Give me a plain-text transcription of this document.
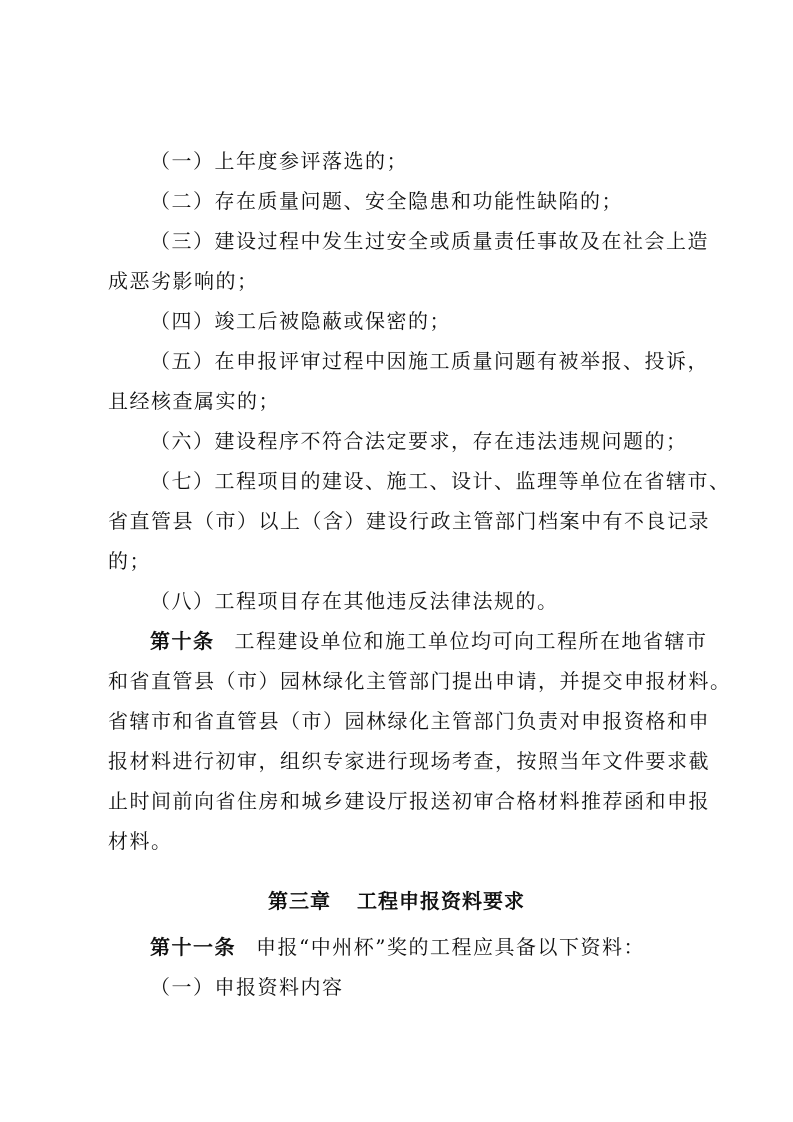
（一）上年度参评落选的；
（二）存在质量问题、安全隐患和功能性缺陷的；
（三）建设过程中发生过安全或质量责任事故及在社会上造
成恶劣影响的；
（四）竣工后被隐蔽或保密的；
（五）在申报评审过程中因施工质量问题有被举报、投诉，
且经核查属实的；
（六）建设程序不符合法定要求，存在违法违规问题的；
（七）工程项目的建设、施工、设计、监理等单位在省辖市、
省直管县（市）以上（含）建设行政主管部门档案中有不良记录
的；
（八）工程项目存在其他违反法律法规的。
第十条 工程建设单位和施工单位均可向工程所在地省辖市
和省直管县（市）园林绿化主管部门提出申请，并提交申报材料。
省辖市和省直管县（市）园林绿化主管部门负责对申报资格和申
报材料进行初审，组织专家进行现场考查，按照当年文件要求截
止时间前向省住房和城乡建设厅报送初审合格材料推荐函和申报
材料。
第三章 工程申报资料要求
第十一条 申报“中州杯”奖的工程应具备以下资料：
（一）申报资料内容
